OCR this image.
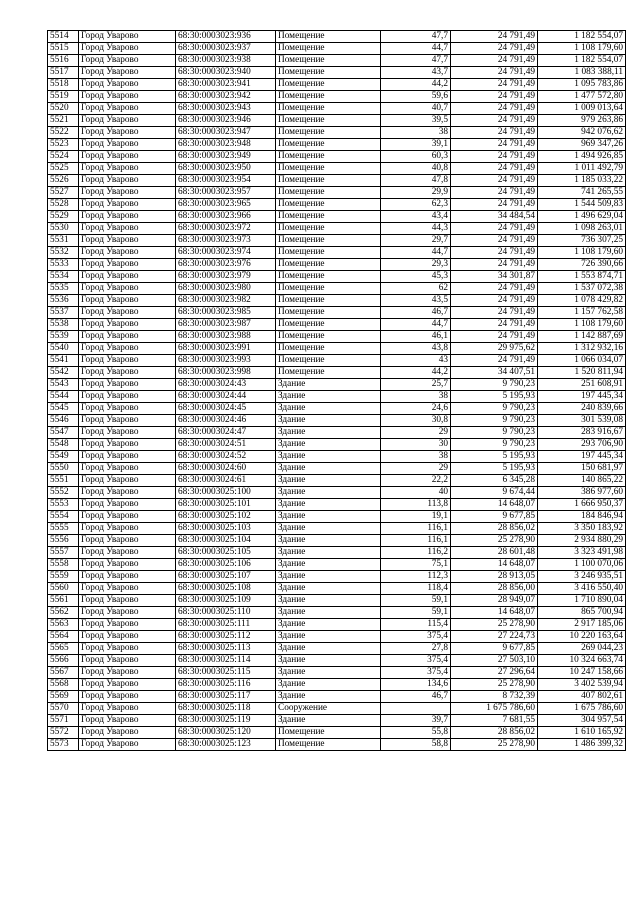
5514	Город Уварово	68:30:0003023:936	Помещение	47,7	24 791,49	1 182 554,07
5515	Город Уварово	68:30:0003023:937	Помещение	44,7	24 791,49	1 108 179,60
5516	Город Уварово	68:30:0003023:938	Помещение	47,7	24 791,49	1 182 554,07
5517	Город Уварово	68:30:0003023:940	Помещение	43,7	24 791,49	1 083 388,11
5518	Город Уварово	68:30:0003023:941	Помещение	44,2	24 791,49	1 095 783,86
5519	Город Уварово	68:30:0003023:942	Помещение	59,6	24 791,49	1 477 572,80
5520	Город Уварово	68:30:0003023:943	Помещение	40,7	24 791,49	1 009 013,64
5521	Город Уварово	68:30:0003023:946	Помещение	39,5	24 791,49	979 263,86
5522	Город Уварово	68:30:0003023:947	Помещение	38	24 791,49	942 076,62
5523	Город Уварово	68:30:0003023:948	Помещение	39,1	24 791,49	969 347,26
5524	Город Уварово	68:30:0003023:949	Помещение	60,3	24 791,49	1 494 926,85
5525	Город Уварово	68:30:0003023:950	Помещение	40,8	24 791,49	1 011 492,79
5526	Город Уварово	68:30:0003023:954	Помещение	47,8	24 791,49	1 185 033,22
5527	Город Уварово	68:30:0003023:957	Помещение	29,9	24 791,49	741 265,55
5528	Город Уварово	68:30:0003023:965	Помещение	62,3	24 791,49	1 544 509,83
5529	Город Уварово	68:30:0003023:966	Помещение	43,4	34 484,54	1 496 629,04
5530	Город Уварово	68:30:0003023:972	Помещение	44,3	24 791,49	1 098 263,01
5531	Город Уварово	68:30:0003023:973	Помещение	29,7	24 791,49	736 307,25
5532	Город Уварово	68:30:0003023:974	Помещение	44,7	24 791,49	1 108 179,60
5533	Город Уварово	68:30:0003023:976	Помещение	29,3	24 791,49	726 390,66
5534	Город Уварово	68:30:0003023:979	Помещение	45,3	34 301,87	1 553 874,71
5535	Город Уварово	68:30:0003023:980	Помещение	62	24 791,49	1 537 072,38
5536	Город Уварово	68:30:0003023:982	Помещение	43,5	24 791,49	1 078 429,82
5537	Город Уварово	68:30:0003023:985	Помещение	46,7	24 791,49	1 157 762,58
5538	Город Уварово	68:30:0003023:987	Помещение	44,7	24 791,49	1 108 179,60
5539	Город Уварово	68:30:0003023:988	Помещение	46,1	24 791,49	1 142 887,69
5540	Город Уварово	68:30:0003023:991	Помещение	43,8	29 975,62	1 312 932,16
5541	Город Уварово	68:30:0003023:993	Помещение	43	24 791,49	1 066 034,07
5542	Город Уварово	68:30:0003023:998	Помещение	44,2	34 407,51	1 520 811,94
5543	Город Уварово	68:30:0003024:43	Здание	25,7	9 790,23	251 608,91
5544	Город Уварово	68:30:0003024:44	Здание	38	5 195,93	197 445,34
5545	Город Уварово	68:30:0003024:45	Здание	24,6	9 790,23	240 839,66
5546	Город Уварово	68:30:0003024:46	Здание	30,8	9 790,23	301 539,08
5547	Город Уварово	68:30:0003024:47	Здание	29	9 790,23	283 916,67
5548	Город Уварово	68:30:0003024:51	Здание	30	9 790,23	293 706,90
5549	Город Уварово	68:30:0003024:52	Здание	38	5 195,93	197 445,34
5550	Город Уварово	68:30:0003024:60	Здание	29	5 195,93	150 681,97
5551	Город Уварово	68:30:0003024:61	Здание	22,2	6 345,28	140 865,22
5552	Город Уварово	68:30:0003025:100	Здание	40	9 674,44	386 977,60
5553	Город Уварово	68:30:0003025:101	Здание	113,8	14 648,07	1 666 950,37
5554	Город Уварово	68:30:0003025:102	Здание	19,1	9 677,85	184 846,94
5555	Город Уварово	68:30:0003025:103	Здание	116,1	28 856,02	3 350 183,92
5556	Город Уварово	68:30:0003025:104	Здание	116,1	25 278,90	2 934 880,29
5557	Город Уварово	68:30:0003025:105	Здание	116,2	28 601,48	3 323 491,98
5558	Город Уварово	68:30:0003025:106	Здание	75,1	14 648,07	1 100 070,06
5559	Город Уварово	68:30:0003025:107	Здание	112,3	28 913,05	3 246 935,51
5560	Город Уварово	68:30:0003025:108	Здание	118,4	28 856,00	3 416 550,40
5561	Город Уварово	68:30:0003025:109	Здание	59,1	28 949,07	1 710 890,04
5562	Город Уварово	68:30:0003025:110	Здание	59,1	14 648,07	865 700,94
5563	Город Уварово	68:30:0003025:111	Здание	115,4	25 278,90	2 917 185,06
5564	Город Уварово	68:30:0003025:112	Здание	375,4	27 224,73	10 220 163,64
5565	Город Уварово	68:30:0003025:113	Здание	27,8	9 677,85	269 044,23
5566	Город Уварово	68:30:0003025:114	Здание	375,4	27 503,10	10 324 663,74
5567	Город Уварово	68:30:0003025:115	Здание	375,4	27 296,64	10 247 158,66
5568	Город Уварово	68:30:0003025:116	Здание	134,6	25 278,90	3 402 539,94
5569	Город Уварово	68:30:0003025:117	Здание	46,7	8 732,39	407 802,61
5570	Город Уварово	68:30:0003025:118	Сооружение		1 675 786,60	1 675 786,60
5571	Город Уварово	68:30:0003025:119	Здание	39,7	7 681,55	304 957,54
5572	Город Уварово	68:30:0003025:120	Помещение	55,8	28 856,02	1 610 165,92
5573	Город Уварово	68:30:0003025:123	Помещение	58,8	25 278,90	1 486 399,32
